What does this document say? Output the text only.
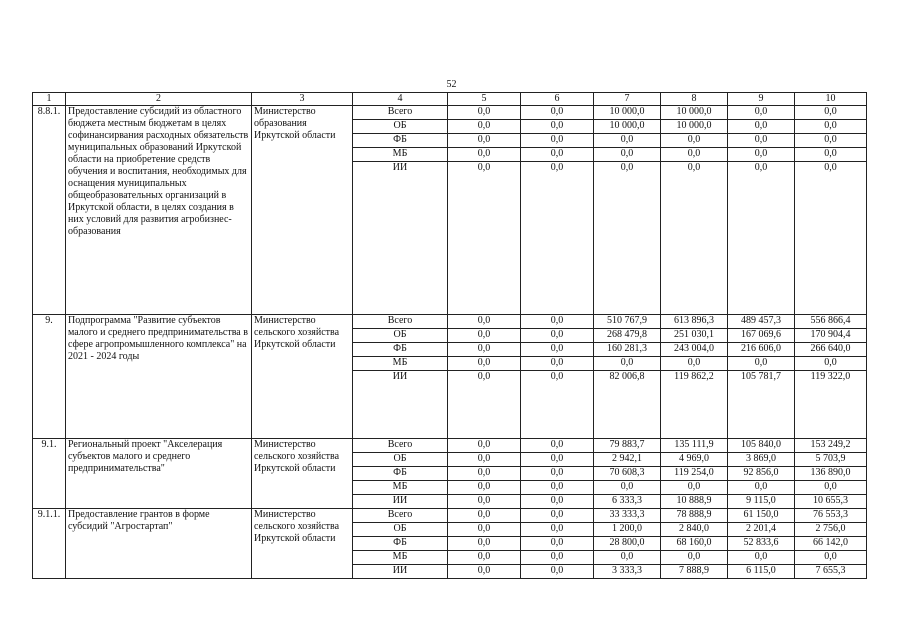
52
1	2	3	4	5	6	7	8	9	10
8.8.1.	Предоставление субсидий из областного бюджета местным бюджетам в целях софинансирвания расходных обязательств муниципальных образований Иркутской области на приобретение средств обучения и воспитания, необходимых для оснащения муниципальных общеобразовательных организаций в Иркутской области, в целях создания в них условий для развития агробизнес-образования	Министерство образования Иркутской области	Всего	0,0	0,0	10 000,0	10 000,0	0,0	0,0
			ОБ	0,0	0,0	10 000,0	10 000,0	0,0	0,0
			ФБ	0,0	0,0	0,0	0,0	0,0	0,0
			МБ	0,0	0,0	0,0	0,0	0,0	0,0
			ИИ	0,0	0,0	0,0	0,0	0,0	0,0
9.	Подпрограмма "Развитие субъектов малого и среднего предпринимательства в сфере агропромышленного комплекса" на 2021 - 2024 годы	Министерство сельского хозяйства Иркутской области	Всего	0,0	0,0	510 767,9	613 896,3	489 457,3	556 866,4
			ОБ	0,0	0,0	268 479,8	251 030,1	167 069,6	170 904,4
			ФБ	0,0	0,0	160 281,3	243 004,0	216 606,0	266 640,0
			МБ	0,0	0,0	0,0	0,0	0,0	0,0
			ИИ	0,0	0,0	82 006,8	119 862,2	105 781,7	119 322,0
9.1.	Региональный проект "Акселерация субъектов малого и среднего предпринимательства"	Министерство сельского хозяйства Иркутской области	Всего	0,0	0,0	79 883,7	135 111,9	105 840,0	153 249,2
			ОБ	0,0	0,0	2 942,1	4 969,0	3 869,0	5 703,9
			ФБ	0,0	0,0	70 608,3	119 254,0	92 856,0	136 890,0
			МБ	0,0	0,0	0,0	0,0	0,0	0,0
			ИИ	0,0	0,0	6 333,3	10 888,9	9 115,0	10 655,3
9.1.1.	Предоставление грантов в форме субсидий "Агростартап"	Министерство сельского хозяйства Иркутской области	Всего	0,0	0,0	33 333,3	78 888,9	61 150,0	76 553,3
			ОБ	0,0	0,0	1 200,0	2 840,0	2 201,4	2 756,0
			ФБ	0,0	0,0	28 800,0	68 160,0	52 833,6	66 142,0
			МБ	0,0	0,0	0,0	0,0	0,0	0,0
			ИИ	0,0	0,0	3 333,3	7 888,9	6 115,0	7 655,3
